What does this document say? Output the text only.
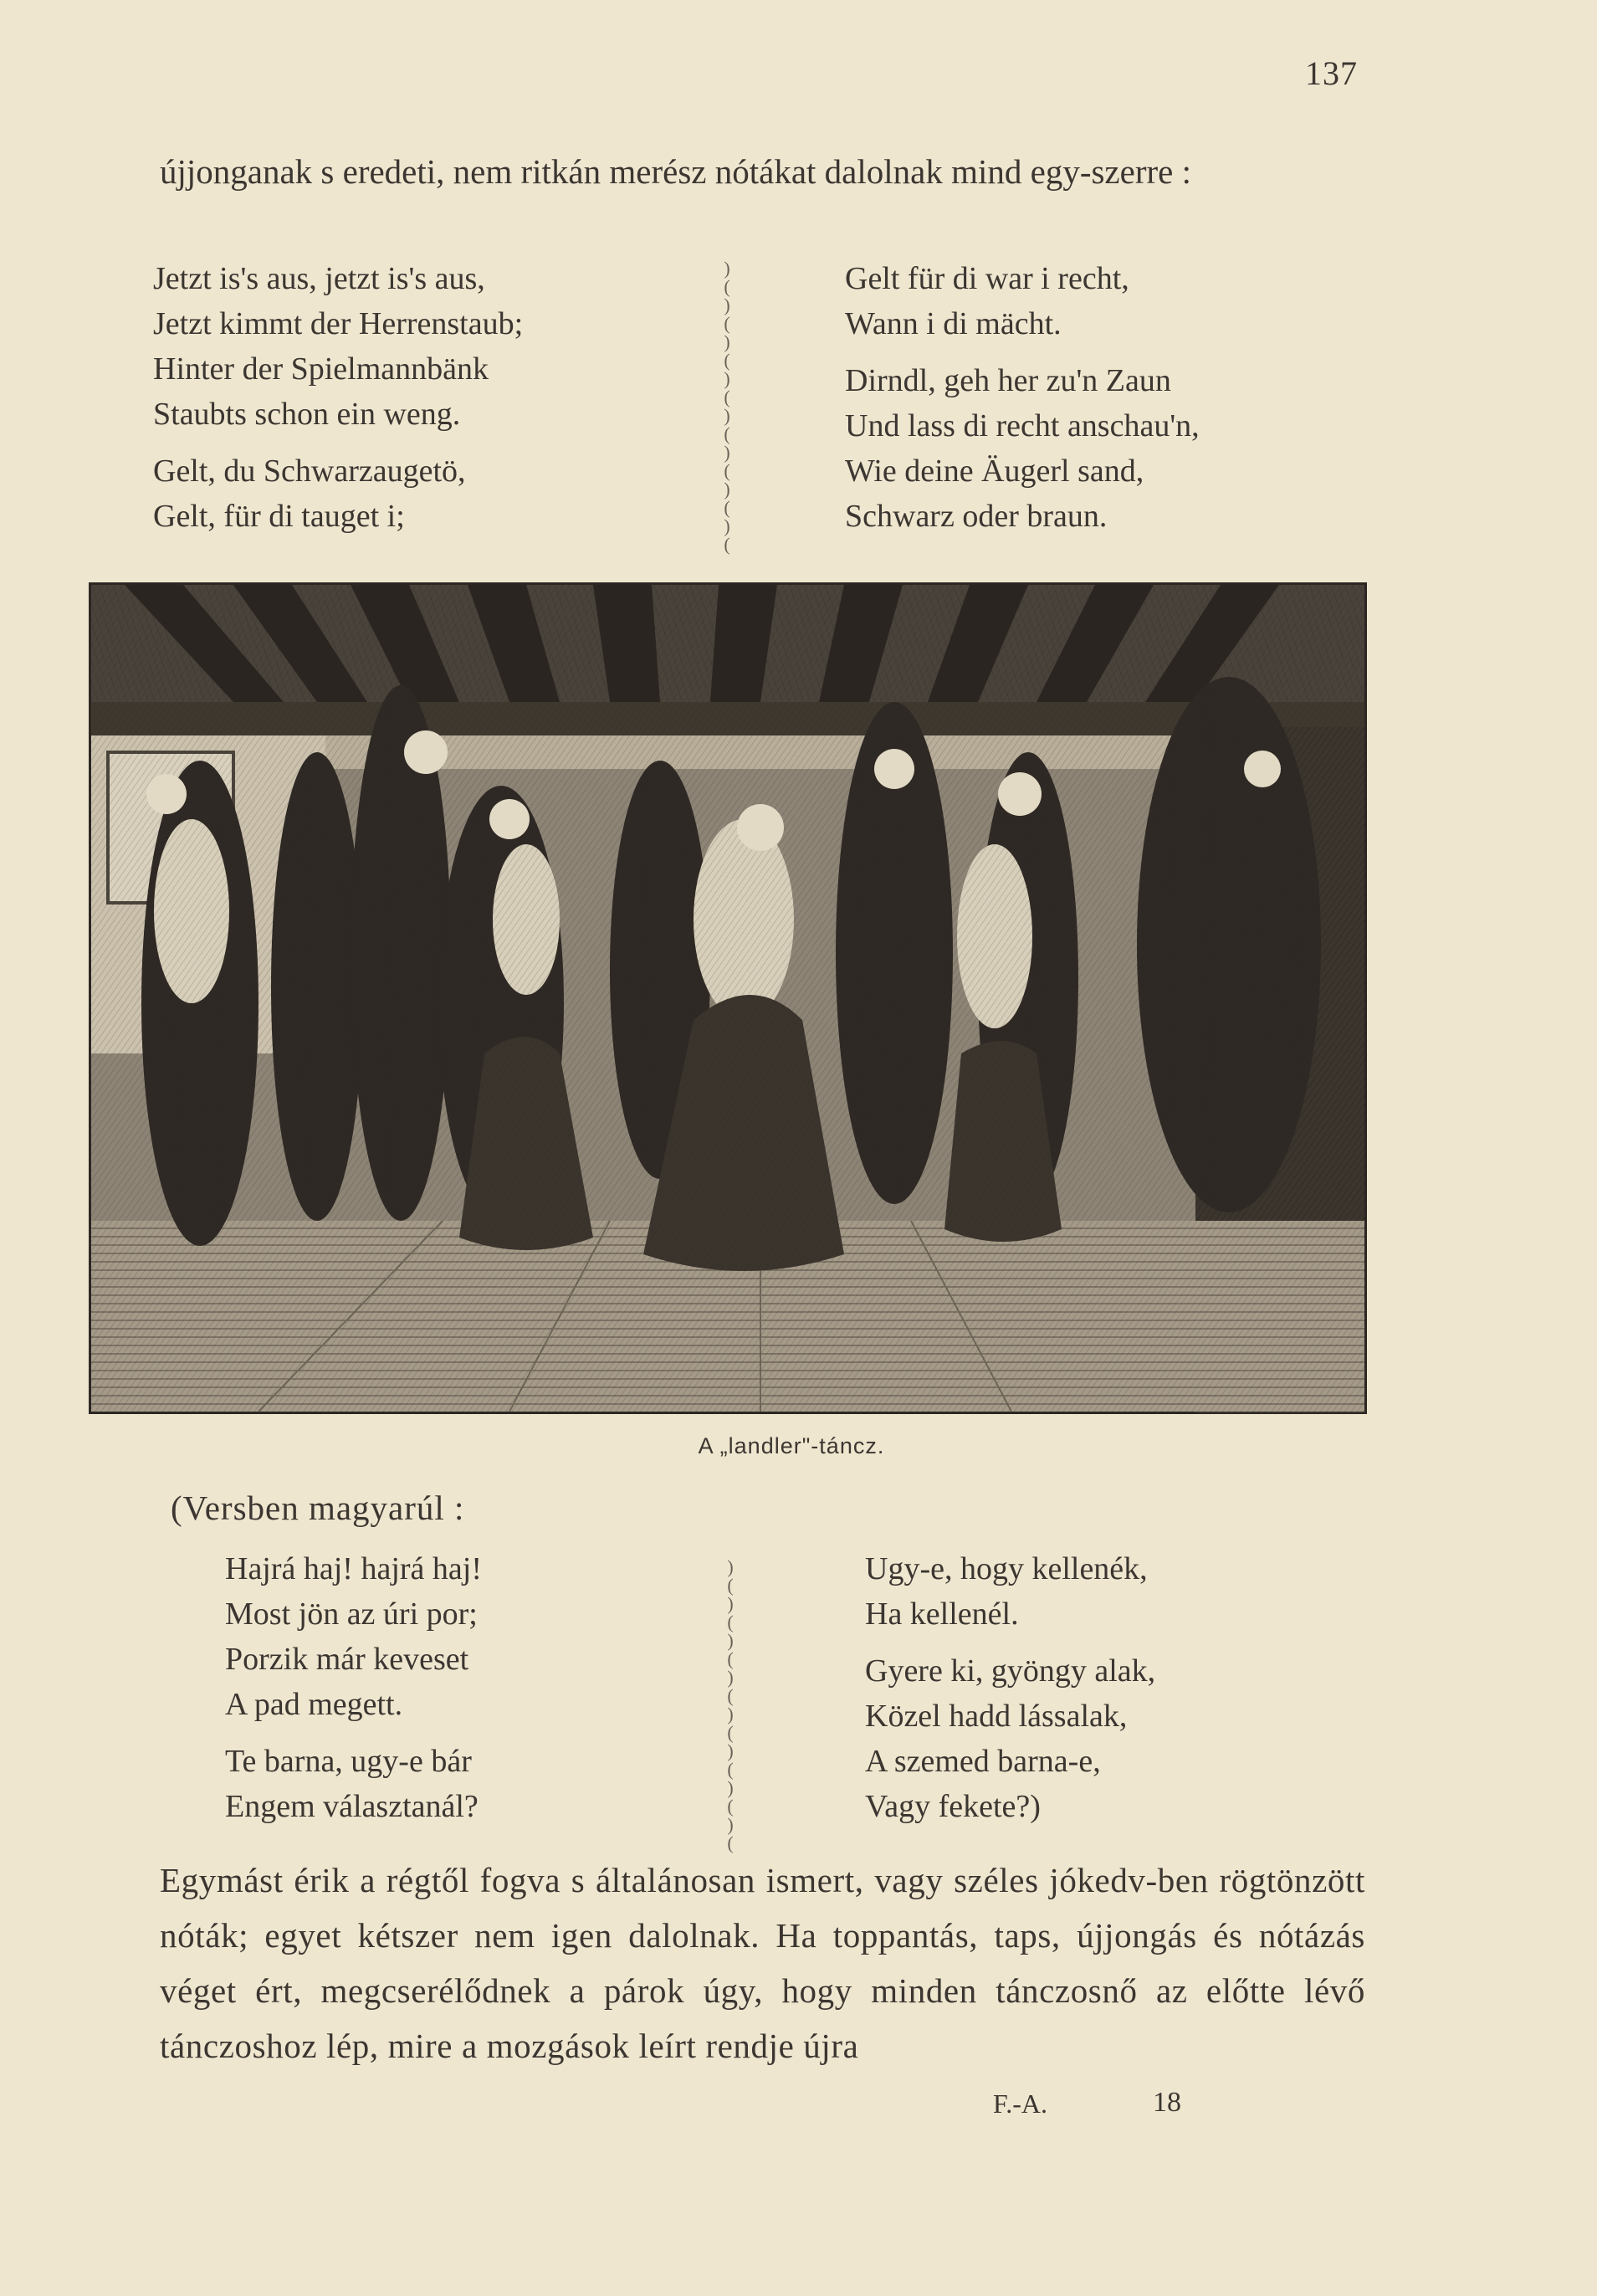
137

újjonganak s eredeti, nem ritkán merész nótákat dalolnak mind egy-szerre :

Jetzt is's aus, jetzt is's aus,
Jetzt kimmt der Herrenstaub;
Hinter der Spielmannbänk
Staubts schon ein weng.
Gelt, du Schwarzaugetö,
Gelt, für di tauget i;
)
(
)
(
)
(
)
(
)
(
)
(
)
(
)
(
Gelt für di war i recht,
Wann i di mächt.
Dirndl, geh her zu'n Zaun
Und lass di recht anschau'n,
Wie deine Äugerl sand,
Schwarz oder braun.
A „landler"-táncz.
(Versben magyarúl :
Hajrá haj! hajrá haj!
Most jön az úri por;
Porzik már keveset
A pad megett.
Te barna, ugy-e bár
Engem választanál?
)
(
)
(
)
(
)
(
)
(
)
(
)
(
)
(
Ugy-e, hogy kellenék,
Ha kellenél.
Gyere ki, gyöngy alak,
Közel hadd lássalak,
A szemed barna-e,
Vagy fekete?)

Egymást érik a régtől fogva s általánosan ismert, vagy széles jókedv-ben rögtönzött nóták; egyet kétszer nem igen dalolnak. Ha toppantás, taps, újjongás és nótázás véget ért, megcserélődnek a párok úgy, hogy minden tánczosnő az előtte lévő tánczoshoz lép, mire a mozgások leírt rendje újra

F.-A.	18
